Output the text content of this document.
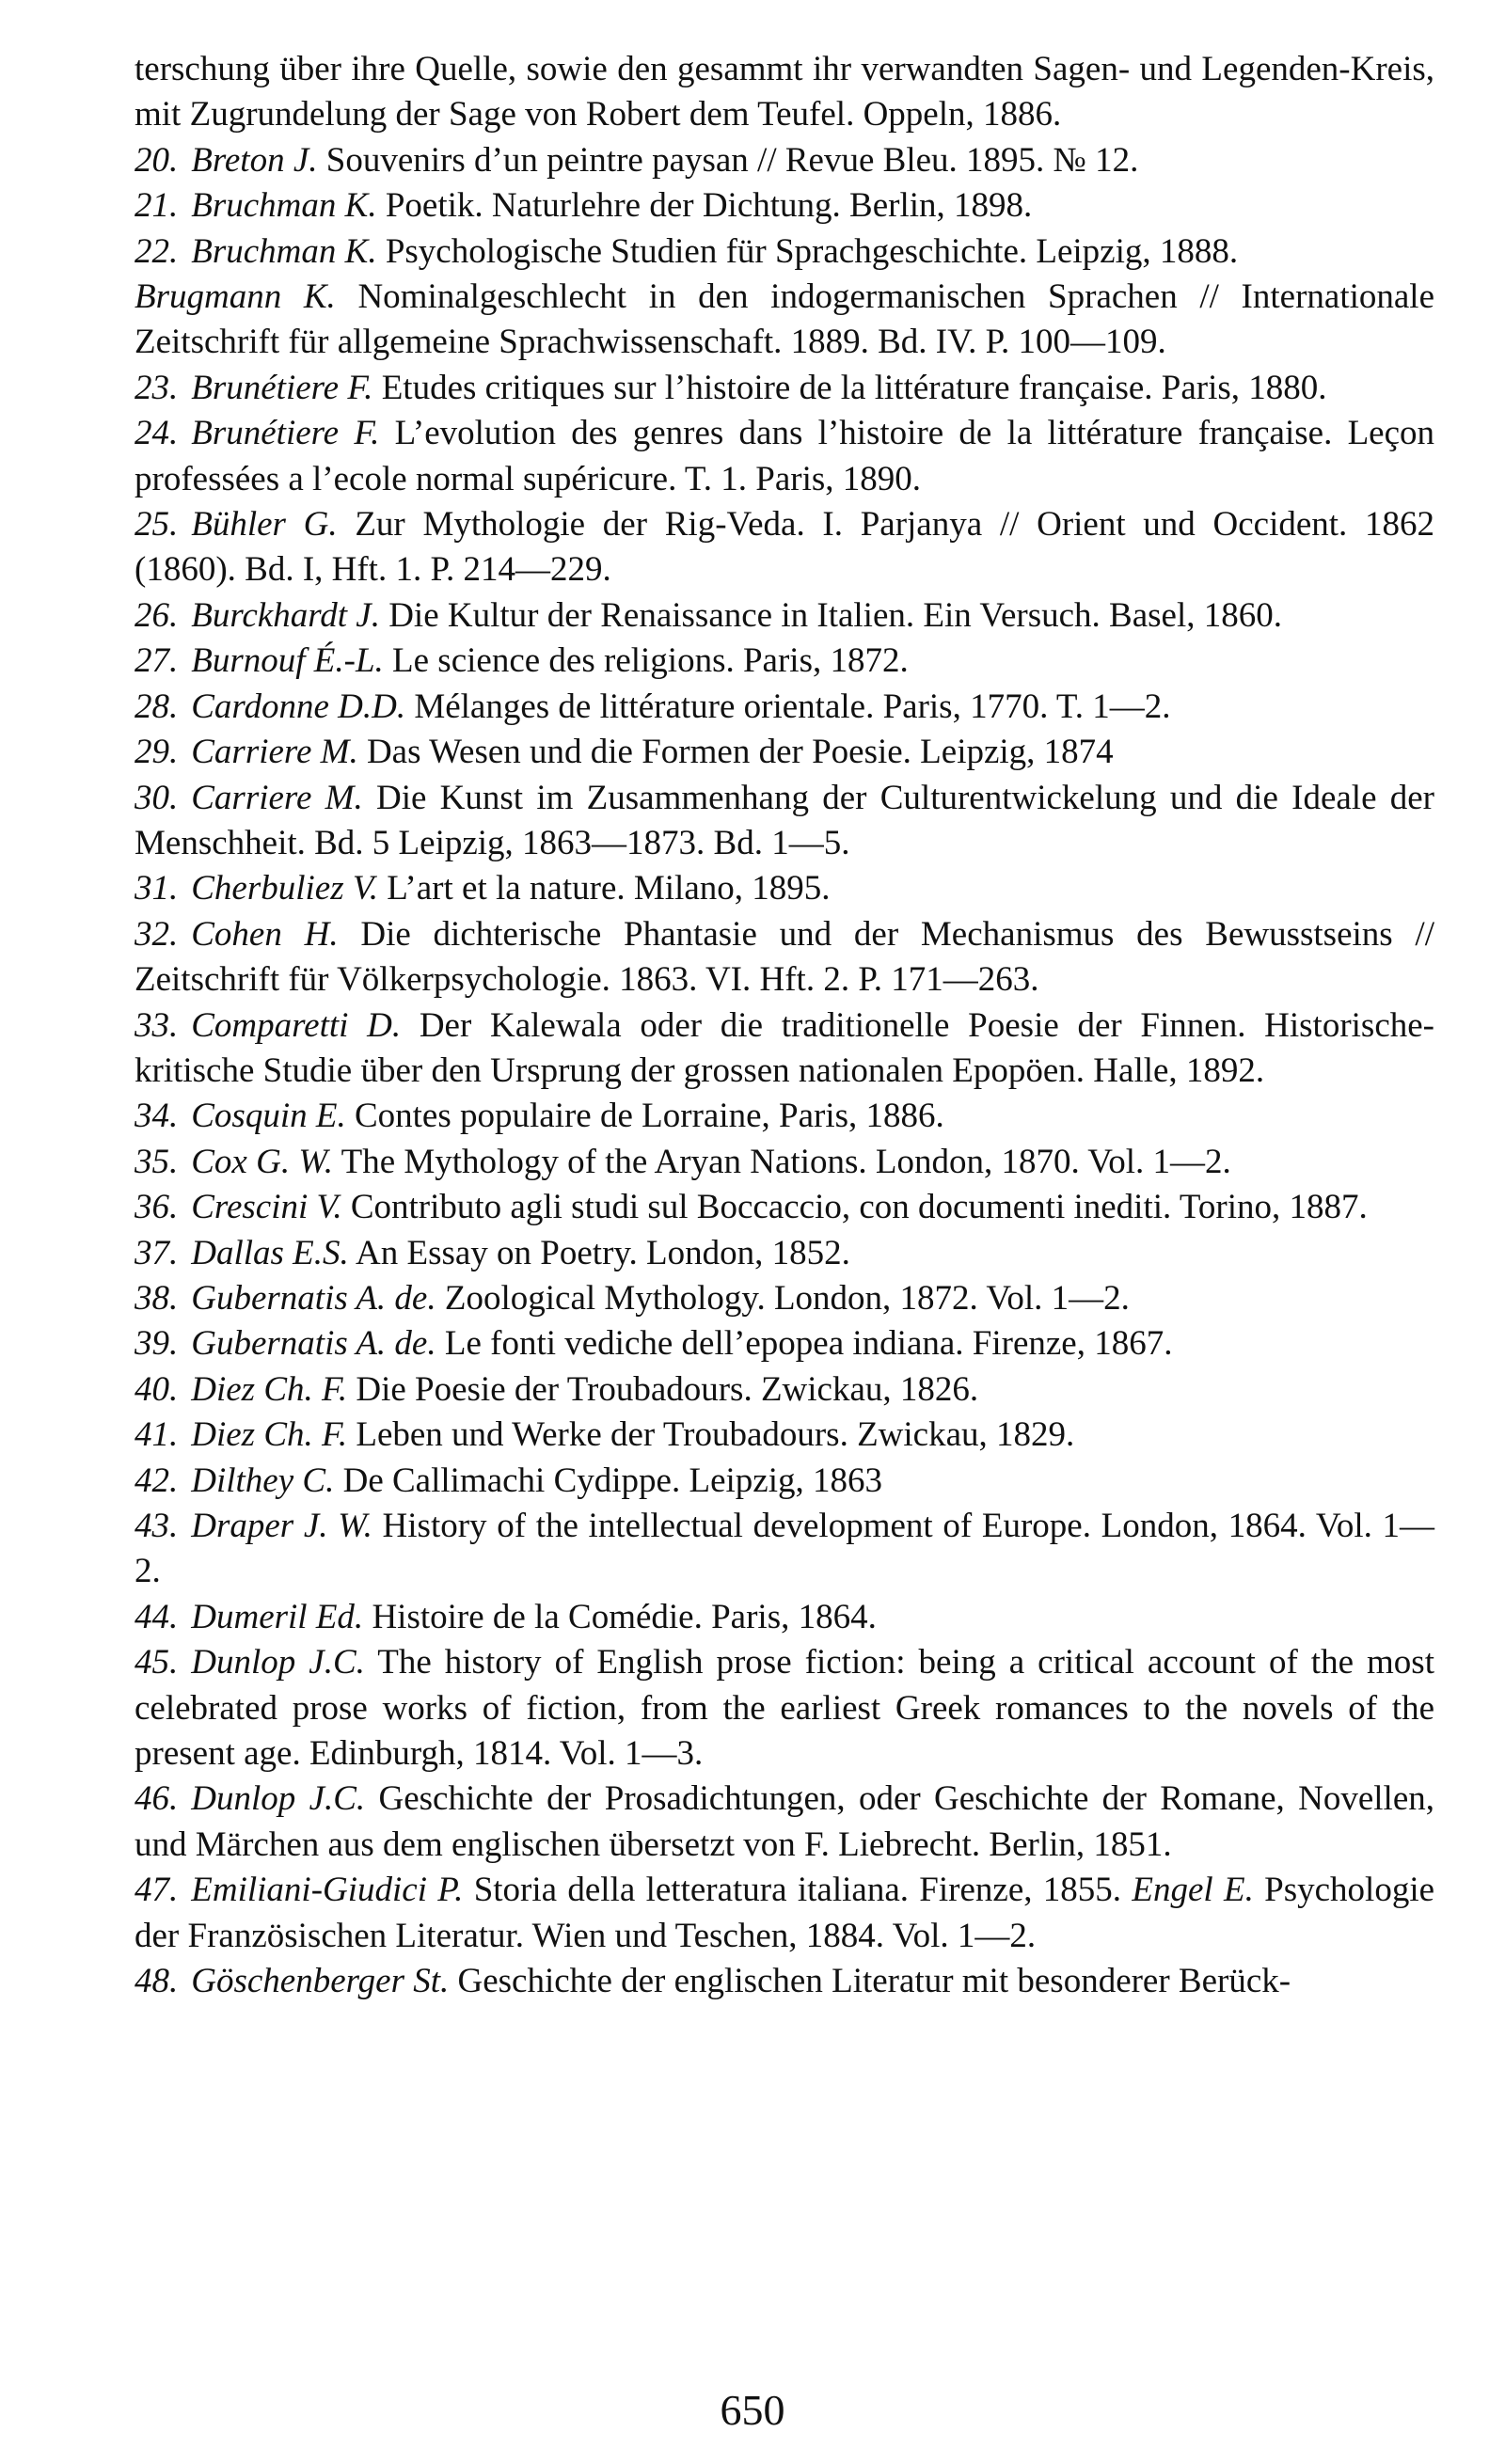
terschung über ihre Quelle, sowie den gesammt ihr verwandten Sagen- und Legenden-Kreis, mit Zugrundelung der Sage von Robert dem Teufel. Oppeln, 1886.
20. Breton J. Souvenirs d’un peintre paysan // Revue Bleu. 1895. № 12.
21. Bruchman K. Poetik. Naturlehre der Dichtung. Berlin, 1898.
22. Bruchman K. Psychologische Studien für Sprachgeschichte. Leipzig, 1888.
Brugmann K. Nominalgeschlecht in den indogermanischen Sprachen // Internationale Zeitschrift für allgemeine Sprachwissenschaft. 1889. Bd. IV. P. 100—109.
23. Brunétiere F. Etudes critiques sur l’histoire de la littérature française. Paris, 1880.
24. Brunétiere F. L’evolution des genres dans l’histoire de la littérature française. Leçon professées a l’ecole normal supéricure. T. 1. Paris, 1890.
25. Bühler G. Zur Mythologie der Rig-Veda. I. Parjanya // Orient und Occident. 1862 (1860). Bd. I, Hft. 1. P. 214—229.
26. Burckhardt J. Die Kultur der Renaissance in Italien. Ein Versuch. Basel, 1860.
27. Burnouf É.-L. Le science des religions. Paris, 1872.
28. Cardonne D.D. Mélanges de littérature orientale. Paris, 1770. T. 1—2.
29. Carriere M. Das Wesen und die Formen der Poesie. Leipzig, 1874
30. Carriere M. Die Kunst im Zusammenhang der Culturentwickelung und die Ideale der Menschheit. Bd. 5 Leipzig, 1863—1873. Bd. 1—5.
31. Cherbuliez V. L’art et la nature. Milano, 1895.
32. Cohen H. Die dichterische Phantasie und der Mechanismus des Bewusstseins // Zeitschrift für Völkerpsychologie. 1863. VI. Hft. 2. P. 171—263.
33. Comparetti D. Der Kalewala oder die traditionelle Poesie der Finnen. Historische-kritische Studie über den Ursprung der grossen nationalen Epopöen. Halle, 1892.
34. Cosquin E. Contes populaire de Lorraine, Paris, 1886.
35. Cox G. W. The Mythology of the Aryan Nations. London, 1870. Vol. 1—2.
36. Crescini V. Contributo agli studi sul Boccaccio, con documenti inediti. Torino, 1887.
37. Dallas E.S. An Essay on Poetry. London, 1852.
38. Gubernatis A. de. Zoological Mythology. London, 1872. Vol. 1—2.
39. Gubernatis A. de. Le fonti vediche dell’epopea indiana. Firenze, 1867.
40. Diez Ch. F. Die Poesie der Troubadours. Zwickau, 1826.
41. Diez Ch. F. Leben und Werke der Troubadours. Zwickau, 1829.
42. Dilthey C. De Callimachi Cydippe. Leipzig, 1863
43. Draper J. W. History of the intellectual development of Europe. London, 1864. Vol. 1—2.
44. Dumeril Ed. Histoire de la Comédie. Paris, 1864.
45. Dunlop J.C. The history of English prose fiction: being a critical account of the most celebrated prose works of fiction, from the earliest Greek romances to the novels of the present age. Edinburgh, 1814. Vol. 1—3.
46. Dunlop J.C. Geschichte der Prosadichtungen, oder Geschichte der Romane, Novellen, und Märchen aus dem englischen übersetzt von F. Liebrecht. Berlin, 1851.
47. Emiliani-Giudici P. Storia della letteratura italiana. Firenze, 1855. Engel E. Psychologie der Französischen Literatur. Wien und Teschen, 1884. Vol. 1—2.
48. Göschenberger St. Geschichte der englischen Literatur mit besonderer Berück-
650
